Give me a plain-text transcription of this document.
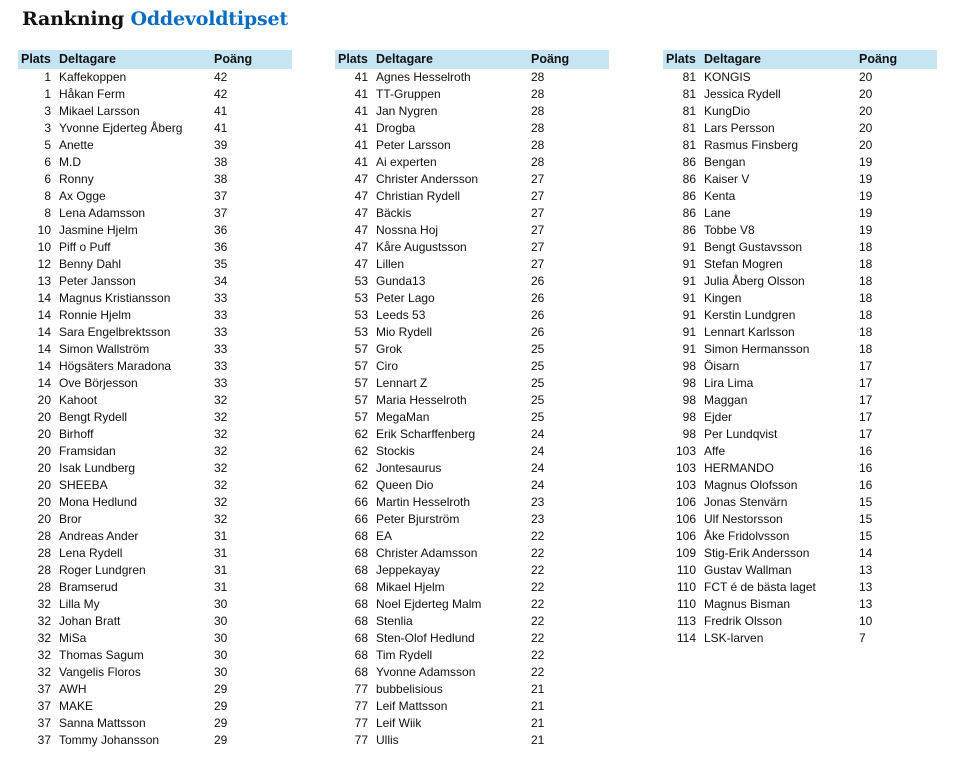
Rankning Oddevoldtipset
Plats	Deltagare	Poäng
1	Kaffekoppen	42
1	Håkan Ferm	42
3	Mikael Larsson	41
3	Yvonne Ejderteg Åberg	41
5	Anette	39
6	M.D	38
6	Ronny	38
8	Ax Ogge	37
8	Lena Adamsson	37
10	Jasmine Hjelm	36
10	Piff o Puff	36
12	Benny Dahl	35
13	Peter Jansson	34
14	Magnus Kristiansson	33
14	Ronnie Hjelm	33
14	Sara Engelbrektsson	33
14	Simon Wallström	33
14	Högsäters Maradona	33
14	Ove Börjesson	33
20	Kahoot	32
20	Bengt Rydell	32
20	Birhoff	32
20	Framsidan	32
20	Isak Lundberg	32
20	SHEEBA	32
20	Mona Hedlund	32
20	Bror	32
28	Andreas Ander	31
28	Lena Rydell	31
28	Roger Lundgren	31
28	Bramserud	31
32	Lilla My	30
32	Johan Bratt	30
32	MiSa	30
32	Thomas Sagum	30
32	Vangelis Floros	30
37	AWH	29
37	MAKE	29
37	Sanna Mattsson	29
37	Tommy Johansson	29
Plats	Deltagare	Poäng
41	Agnes Hesselroth	28
41	TT-Gruppen	28
41	Jan Nygren	28
41	Drogba	28
41	Peter Larsson	28
41	Ai experten	28
47	Christer Andersson	27
47	Christian Rydell	27
47	Bäckis	27
47	Nossna Hoj	27
47	Kåre Augustsson	27
47	Lillen	27
53	Gunda13	26
53	Peter Lago	26
53	Leeds 53	26
53	Mio Rydell	26
57	Grok	25
57	Ciro	25
57	Lennart Z	25
57	Maria Hesselroth	25
57	MegaMan	25
62	Erik Scharffenberg	24
62	Stockis	24
62	Jontesaurus	24
62	Queen Dio	24
66	Martin Hesselroth	23
66	Peter Bjurström	23
68	EA	22
68	Christer Adamsson	22
68	Jeppekayay	22
68	Mikael Hjelm	22
68	Noel Ejderteg Malm	22
68	Stenlia	22
68	Sten-Olof Hedlund	22
68	Tim Rydell	22
68	Yvonne Adamsson	22
77	bubbelisious	21
77	Leif Mattsson	21
77	Leif Wiik	21
77	Ullis	21
Plats	Deltagare	Poäng
81	KONGIS	20
81	Jessica Rydell	20
81	KungDio	20
81	Lars Persson	20
81	Rasmus Finsberg	20
86	Bengan	19
86	Kaiser V	19
86	Kenta	19
86	Lane	19
86	Tobbe V8	19
91	Bengt Gustavsson	18
91	Stefan Mogren	18
91	Julia Åberg Olsson	18
91	Kingen	18
91	Kerstin Lundgren	18
91	Lennart Karlsson	18
91	Simon Hermansson	18
98	Öisarn	17
98	Lira Lima	17
98	Maggan	17
98	Ejder	17
98	Per Lundqvist	17
103	Affe	16
103	HERMANDO	16
103	Magnus Olofsson	16
106	Jonas Stenvärn	15
106	Ulf Nestorsson	15
106	Åke Fridolvsson	15
109	Stig-Erik Andersson	14
110	Gustav Wallman	13
110	FCT é de bästa laget	13
110	Magnus Bisman	13
113	Fredrik Olsson	10
114	LSK-larven	7
